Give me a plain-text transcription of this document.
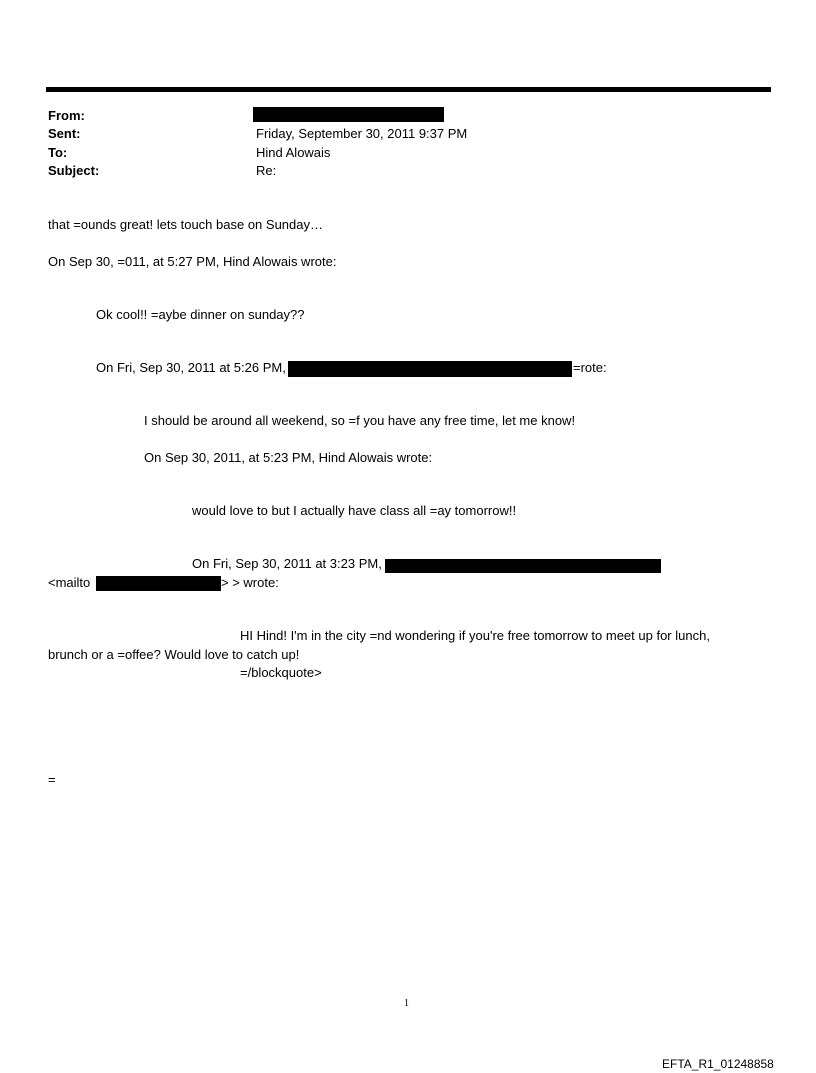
From:
Sent:	Friday, September 30, 2011 9:37 PM
To:	Hind Alowais
Subject:	Re:
that =ounds great! lets touch base on Sunday…
On Sep 30, =011, at 5:27 PM, Hind Alowais wrote:
Ok cool!! =aybe dinner on sunday??
On Fri, Sep 30, 2011 at 5:26 PM,	=rote:
I should be around all weekend, so =f you have any free time, let me know!
On Sep 30, 2011, at 5:23 PM, Hind Alowais wrote:
would love to but I actually have class all =ay tomorrow!!
On Fri, Sep 30, 2011 at 3:23 PM,
<mailto	> > wrote:
HI Hind! I'm in the city =nd wondering if you're free tomorrow to meet up for lunch,
brunch or a =offee? Would love to catch up!
=/blockquote>
=
1
EFTA_R1_01248858
